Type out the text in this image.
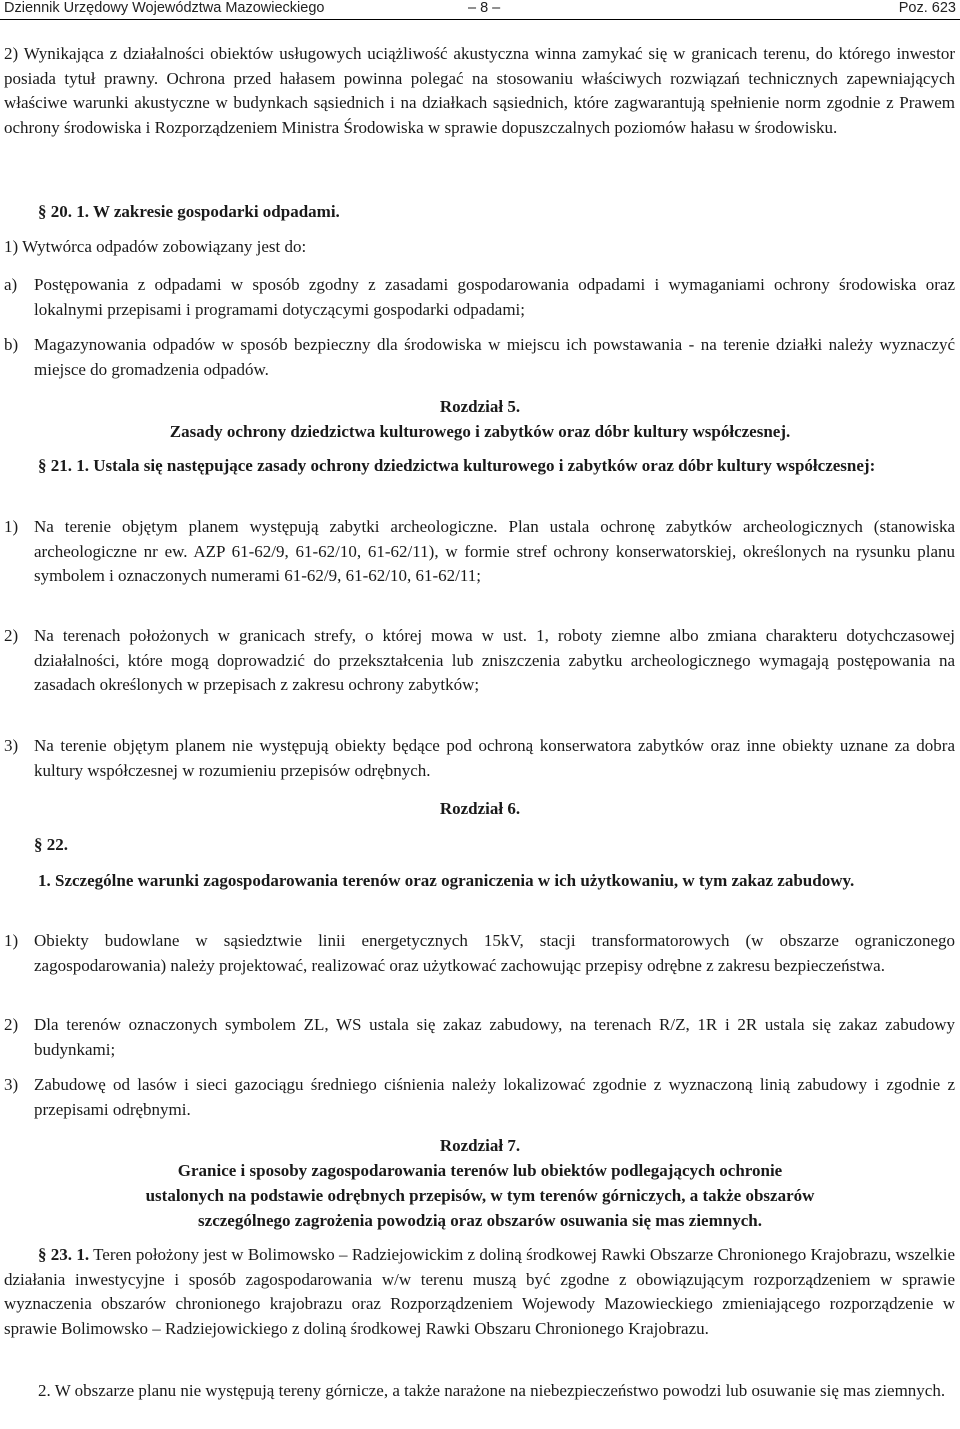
Dziennik Urzędowy Województwa Mazowieckiego	– 8 –	Poz. 623

2) Wynikająca z działalności obiektów usługowych uciążliwość akustyczna winna zamykać się w granicach terenu, do którego inwestor posiada tytuł prawny. Ochrona przed hałasem powinna polegać na stosowaniu właściwych rozwiązań technicznych zapewniających właściwe warunki akustyczne w budynkach sąsiednich i na działkach sąsiednich, które zagwarantują spełnienie norm zgodnie z Prawem ochrony środowiska i Rozporządzeniem Ministra Środowiska w sprawie dopuszczalnych poziomów hałasu w środowisku.

§ 20. 1. W zakresie gospodarki odpadami.

1) Wytwórca odpadów zobowiązany jest do:

a) Postępowania z odpadami w sposób zgodny z zasadami gospodarowania odpadami i wymaganiami ochrony środowiska oraz lokalnymi przepisami i programami dotyczącymi gospodarki odpadami;

b) Magazynowania odpadów w sposób bezpieczny dla środowiska w miejscu ich powstawania - na terenie działki należy wyznaczyć miejsce do gromadzenia odpadów.

Rozdział 5.

Zasady ochrony dziedzictwa kulturowego i zabytków oraz dóbr kultury współczesnej.

§ 21. 1. Ustala się następujące zasady ochrony dziedzictwa kulturowego i zabytków oraz dóbr kultury współczesnej:

1) Na terenie objętym planem występują zabytki archeologiczne. Plan ustala ochronę zabytków archeologicznych (stanowiska archeologiczne nr ew. AZP 61-62/9, 61-62/10, 61-62/11), w formie stref ochrony konserwatorskiej, określonych na rysunku planu symbolem i oznaczonych numerami 61-62/9, 61-62/10, 61-62/11;

2) Na terenach położonych w granicach strefy, o której mowa w ust. 1, roboty ziemne albo zmiana charakteru dotychczasowej działalności, które mogą doprowadzić do przekształcenia lub zniszczenia zabytku archeologicznego wymagają postępowania na zasadach określonych w przepisach z zakresu ochrony zabytków;

3) Na terenie objętym planem nie występują obiekty będące pod ochroną konserwatora zabytków oraz inne obiekty uznane za dobra kultury współczesnej w rozumieniu przepisów odrębnych.

Rozdział 6.

§ 22.

1. Szczególne warunki zagospodarowania terenów oraz ograniczenia w ich użytkowaniu, w tym zakaz zabudowy.

1) Obiekty budowlane w sąsiedztwie linii energetycznych 15kV, stacji transformatorowych (w obszarze ograniczonego zagospodarowania) należy projektować, realizować oraz użytkować zachowując przepisy odrębne z zakresu bezpieczeństwa.

2) Dla terenów oznaczonych symbolem ZL, WS ustala się zakaz zabudowy, na terenach R/Z, 1R i 2R ustala się zakaz zabudowy budynkami;

3) Zabudowę od lasów i sieci gazociągu średniego ciśnienia należy lokalizować zgodnie z wyznaczoną linią zabudowy i zgodnie z przepisami odrębnymi.

Rozdział 7.

Granice i sposoby zagospodarowania terenów lub obiektów podlegających ochronie

ustalonych na podstawie odrębnych przepisów, w tym terenów górniczych, a także obszarów

szczególnego zagrożenia powodzią oraz obszarów osuwania się mas ziemnych.

§ 23. 1. Teren położony jest w Bolimowsko – Radziejowickim z doliną środkowej Rawki Obszarze Chronionego Krajobrazu, wszelkie działania inwestycyjne i sposób zagospodarowania w/w terenu muszą być zgodne z obowiązującym rozporządzeniem w sprawie wyznaczenia obszarów chronionego krajobrazu oraz Rozporządzeniem Wojewody Mazowieckiego zmieniającego rozporządzenie w sprawie Bolimowsko – Radziejowickiego z doliną środkowej Rawki Obszaru Chronionego Krajobrazu.

2. W obszarze planu nie występują tereny górnicze, a także narażone na niebezpieczeństwo powodzi lub osuwanie się mas ziemnych.
